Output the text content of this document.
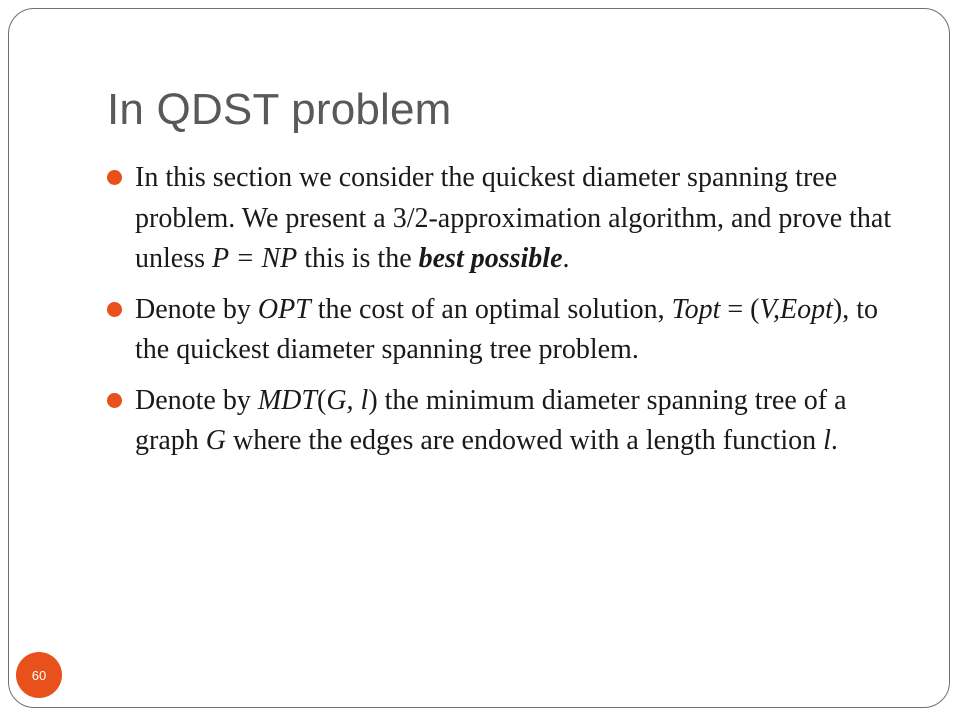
In QDST problem
In this section we consider the quickest diameter spanning tree problem. We present a 3/2-approximation algorithm, and prove that unless P = NP this is the best possible.
Denote by OPT the cost of an optimal solution, Topt = (V,Eopt), to the quickest diameter spanning tree problem.
Denote by MDT(G, l) the minimum diameter spanning tree of a graph G where the edges are endowed with a length function l.
60
